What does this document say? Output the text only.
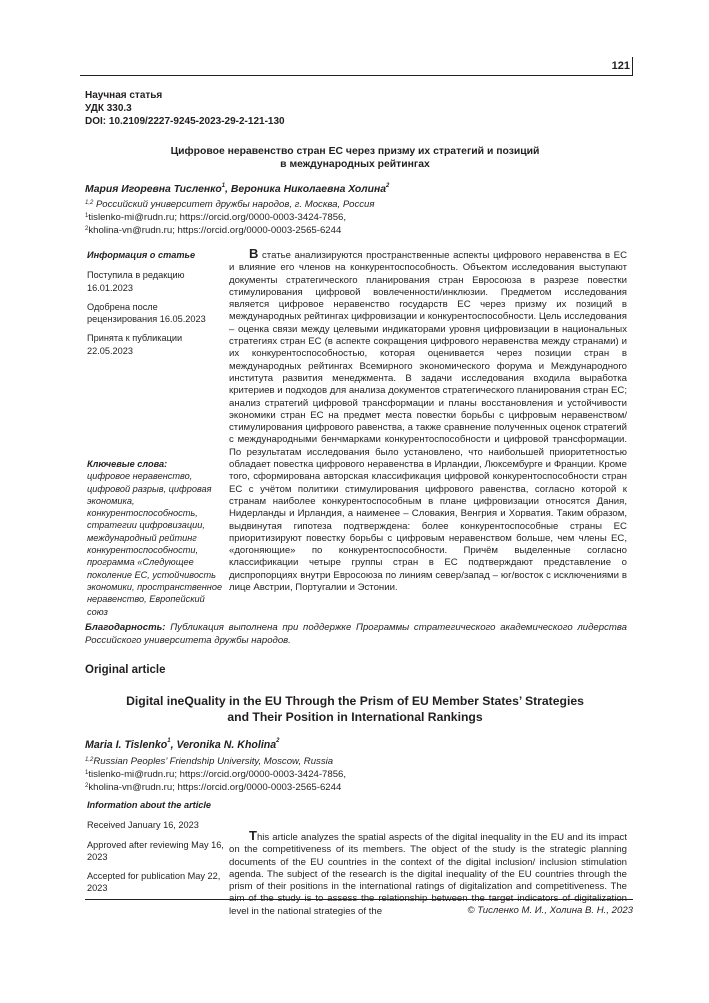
121
Научная статья
УДК 330.3
DOI: 10.2109/2227-9245-2023-29-2-121-130
Цифровое неравенство стран ЕС через призму их стратегий и позиций
в международных рейтингах
Мария Игоревна Тисленко$^1$, Вероника Николаевна Холина$^2$
$^{1,2}$ Российский университет дружбы народов, г. Москва, Россия
$^1$tislenko-mi@rudn.ru; https://orcid.org/0000-0003-3424-7856,
$^2$kholina-vn@rudn.ru; https://orcid.org/0000-0003-2565-6244
Информация о статье
Поступила в редакцию 16.01.2023
Одобрена после рецензирования 16.05.2023
Принята к публикации 22.05.2023
Ключевые слова:
цифровое неравенство, цифровой разрыв, цифровая экономика, конкурентоспособность, стратегии цифровизации, международный рейтинг конкурентоспособности, программа «Следующее поколение ЕС, устойчивость экономики, пространственное неравенство, Европейский союз
В статье анализируются пространственные аспекты цифрового неравенства в ЕС и влияние его членов на конкурентоспособность. Объектом исследования выступают документы стратегического планирования стран Евросоюза в разрезе повестки стимулирования цифровой вовлеченности/инклюзии. Предметом исследования является цифровое неравенство государств ЕС через призму их позиций в международных рейтингах цифровизации и конкурентоспособности. Цель исследования – оценка связи между целевыми индикаторами уровня цифровизации в национальных стратегиях стран ЕС (в аспекте сокращения цифрового неравенства между странами) и их конкурентоспособностью, которая оценивается через позиции стран в международных рейтингах Всемирного экономического форума и Международного института развития менеджмента. В задачи исследования входила выработка критериев и подходов для анализа документов стратегического планирования стран ЕС; анализ стратегий цифровой трансформации и планы восстановления и устойчивости экономики стран ЕС на предмет места повестки борьбы с цифровым неравенством/стимулирования цифрового равенства, а также сравнение полученных оценок стратегий с международными бенчмарками конкурентоспособности и цифровой трансформации. По результатам исследования было установлено, что наибольшей приоритетностью обладает повестка цифрового неравенства в Ирландии, Люксембурге и Франции. Кроме того, сформирована авторская классификация цифровой конкурентоспособности стран ЕС с учётом политики стимулирования цифрового равенства, согласно которой к странам наиболее конкурентоспособным в плане цифровизации относятся Дания, Нидерланды и Ирландия, а наименее – Словакия, Венгрия и Хорватия. Таким образом, выдвинутая гипотеза подтверждена: более конкурентоспособные страны ЕС приоритизируют повестку борьбы с цифровым неравенством больше, чем члены ЕС, «догоняющие» по конкурентоспособности. Причём выделенные согласно классификации четыре группы стран в ЕС подтверждают представление о диспропорциях внутри Евросоюза по линиям север/запад – юг/восток с исключениями в лице Австрии, Португалии и Эстонии.
Благодарность: Публикация выполнена при поддержке Программы стратегического академического лидерства Российского университета дружбы народов.
Original article
Digital ineQuality in the EU Through the Prism of EU Member States’ Strategies
and Their Position in International Rankings
Maria I. Tislenko$^1$, Veronika N. Kholina$^2$
$^{1,2}$Russian Peoples’ Friendship University, Moscow, Russia
$^1$tislenko-mi@rudn.ru; https://orcid.org/0000-0003-3424-7856,
$^2$kholina-vn@rudn.ru; https://orcid.org/0000-0003-2565-6244
Information about the article
Received January 16, 2023
Approved after reviewing May 16, 2023
Accepted for publication May 22, 2023
This article analyzes the spatial aspects of the digital inequality in the EU and its impact on the competitiveness of its members. The object of the study is the strategic planning documents of the EU countries in the context of the digital inclusion/ inclusion stimulation agenda. The subject of the research is the digital inequality of the EU countries through the prism of their positions in the international ratings of digitalization and competitiveness. The aim of the study is to assess the relationship between the target indicators of digitalization level in the national strategies of the	© Тисленко М. И., Холина В. Н., 2023
